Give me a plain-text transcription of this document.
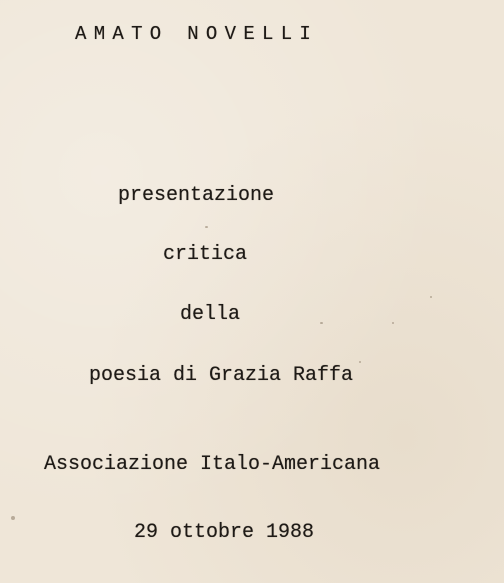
AMATO NOVELLI
presentazione
critica
della
poesia di Grazia Raffa
Associazione Italo-Americana
29 ottobre 1988
